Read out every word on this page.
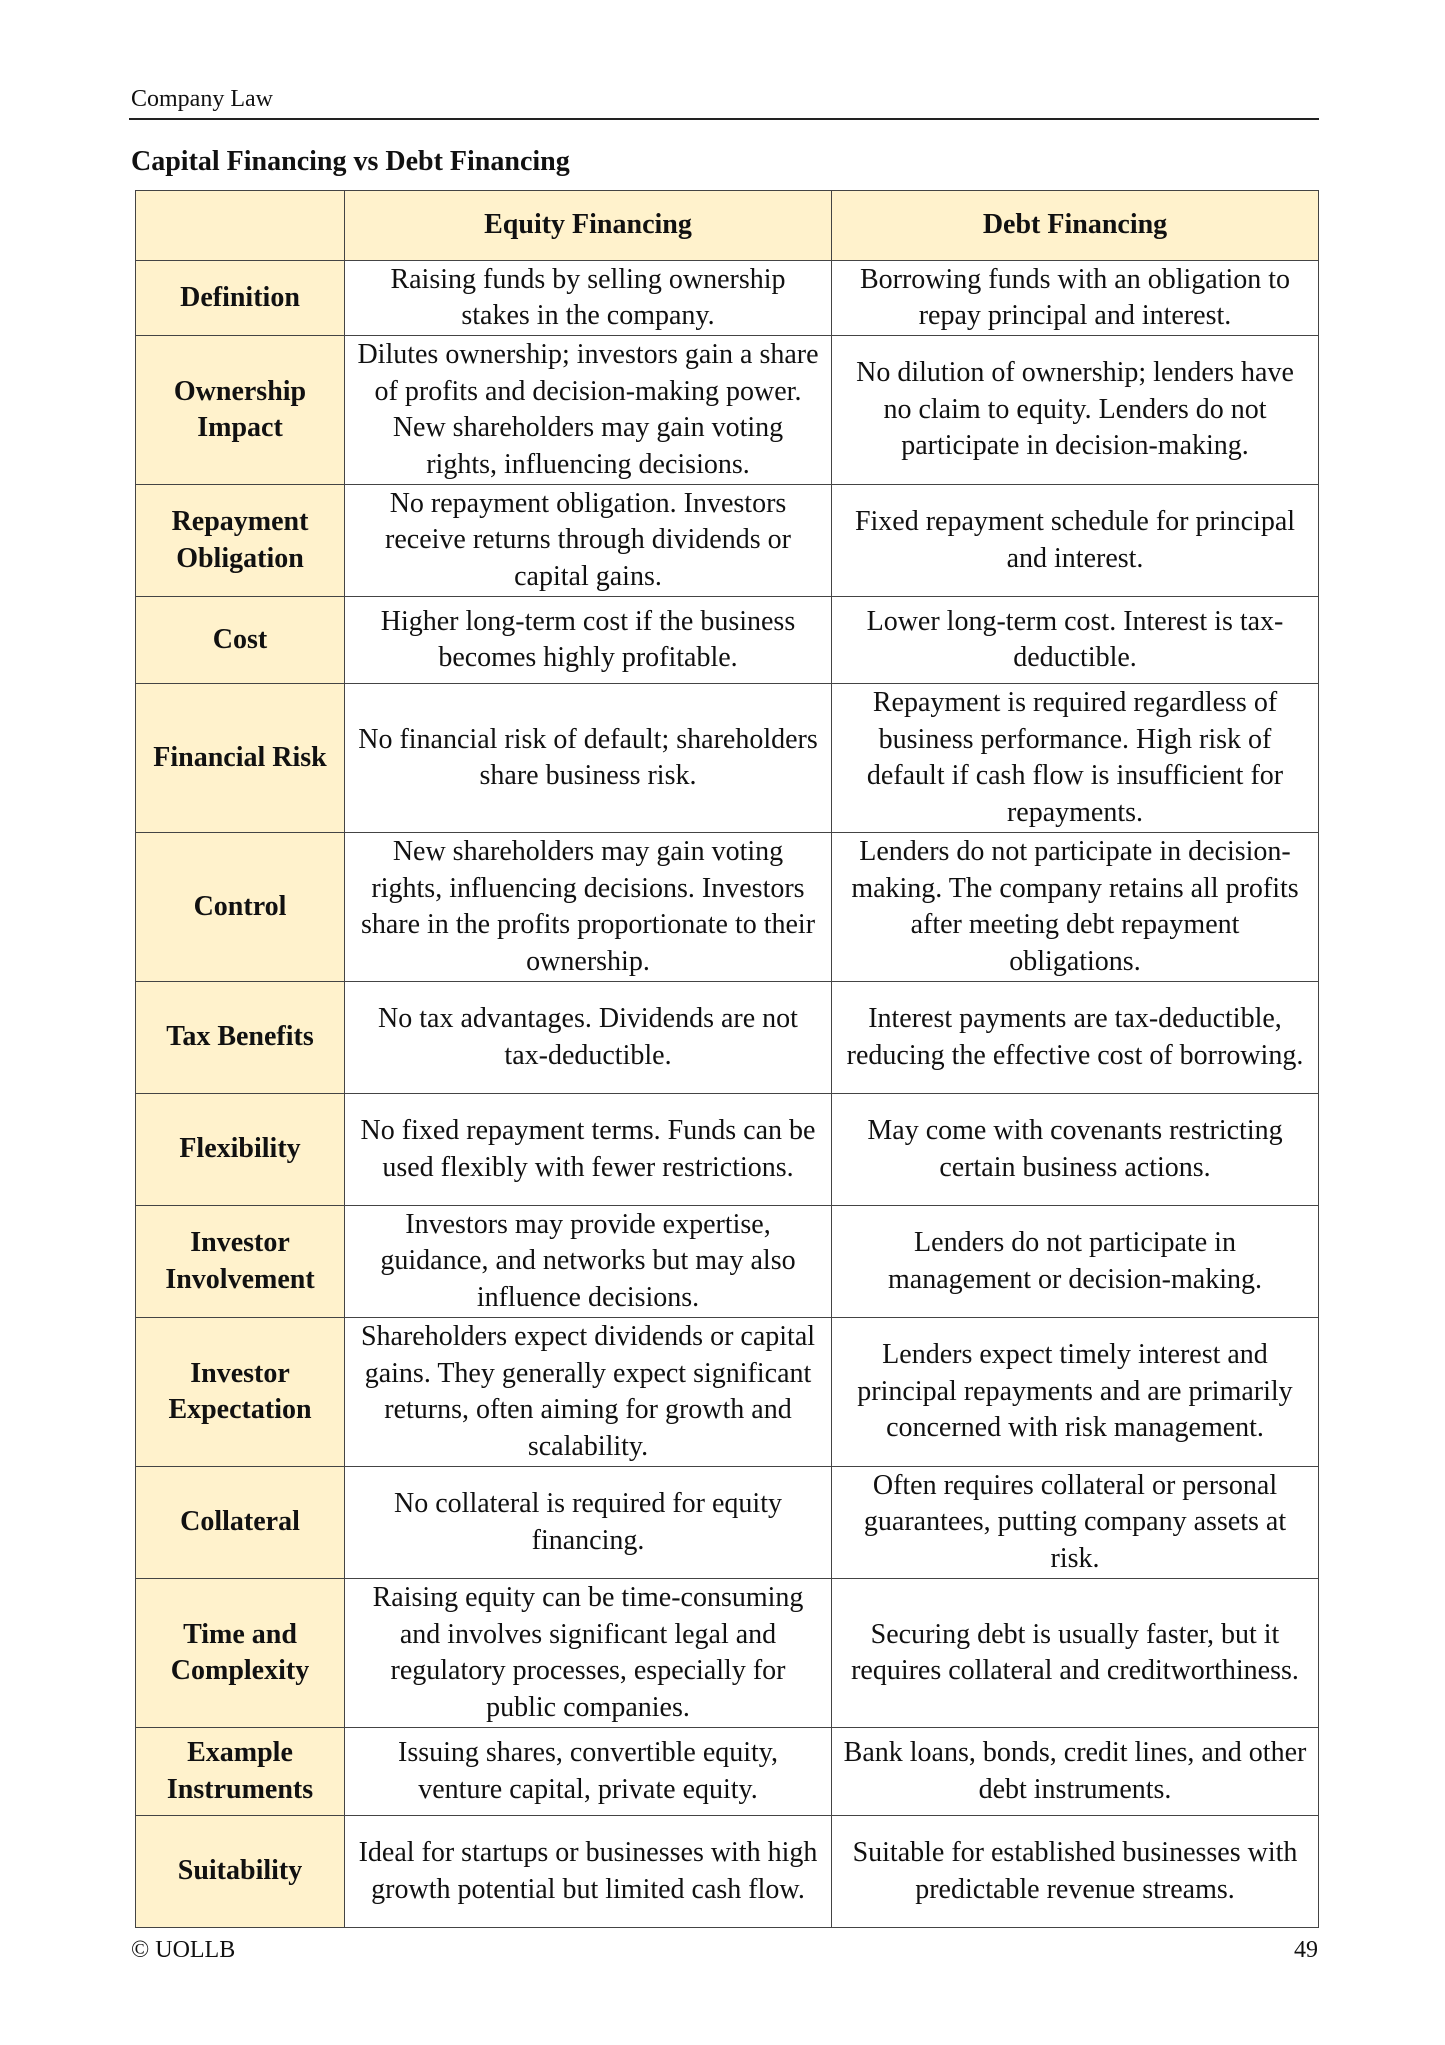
Company Law
Capital Financing vs Debt Financing
	Equity Financing	Debt Financing
Definition	Raising funds by selling ownership stakes in the company.	Borrowing funds with an obligation to repay principal and interest.
Ownership Impact	Dilutes ownership; investors gain a share of profits and decision-making power. New shareholders may gain voting rights, influencing decisions.	No dilution of ownership; lenders have no claim to equity. Lenders do not participate in decision-making.
Repayment Obligation	No repayment obligation. Investors receive returns through dividends or capital gains.	Fixed repayment schedule for principal and interest.
Cost	Higher long-term cost if the business becomes highly profitable.	Lower long-term cost. Interest is tax-deductible.
Financial Risk	No financial risk of default; shareholders share business risk.	Repayment is required regardless of business performance. High risk of default if cash flow is insufficient for repayments.
Control	New shareholders may gain voting rights, influencing decisions. Investors share in the profits proportionate to their ownership.	Lenders do not participate in decision-making. The company retains all profits after meeting debt repayment obligations.
Tax Benefits	No tax advantages. Dividends are not tax-deductible.	Interest payments are tax-deductible, reducing the effective cost of borrowing.
Flexibility	No fixed repayment terms. Funds can be used flexibly with fewer restrictions.	May come with covenants restricting certain business actions.
Investor Involvement	Investors may provide expertise, guidance, and networks but may also influence decisions.	Lenders do not participate in management or decision-making.
Investor Expectation	Shareholders expect dividends or capital gains. They generally expect significant returns, often aiming for growth and scalability.	Lenders expect timely interest and principal repayments and are primarily concerned with risk management.
Collateral	No collateral is required for equity financing.	Often requires collateral or personal guarantees, putting company assets at risk.
Time and Complexity	Raising equity can be time-consuming and involves significant legal and regulatory processes, especially for public companies.	Securing debt is usually faster, but it requires collateral and creditworthiness.
Example Instruments	Issuing shares, convertible equity, venture capital, private equity.	Bank loans, bonds, credit lines, and other debt instruments.
Suitability	Ideal for startups or businesses with high growth potential but limited cash flow.	Suitable for established businesses with predictable revenue streams.
© UOLLB	49
